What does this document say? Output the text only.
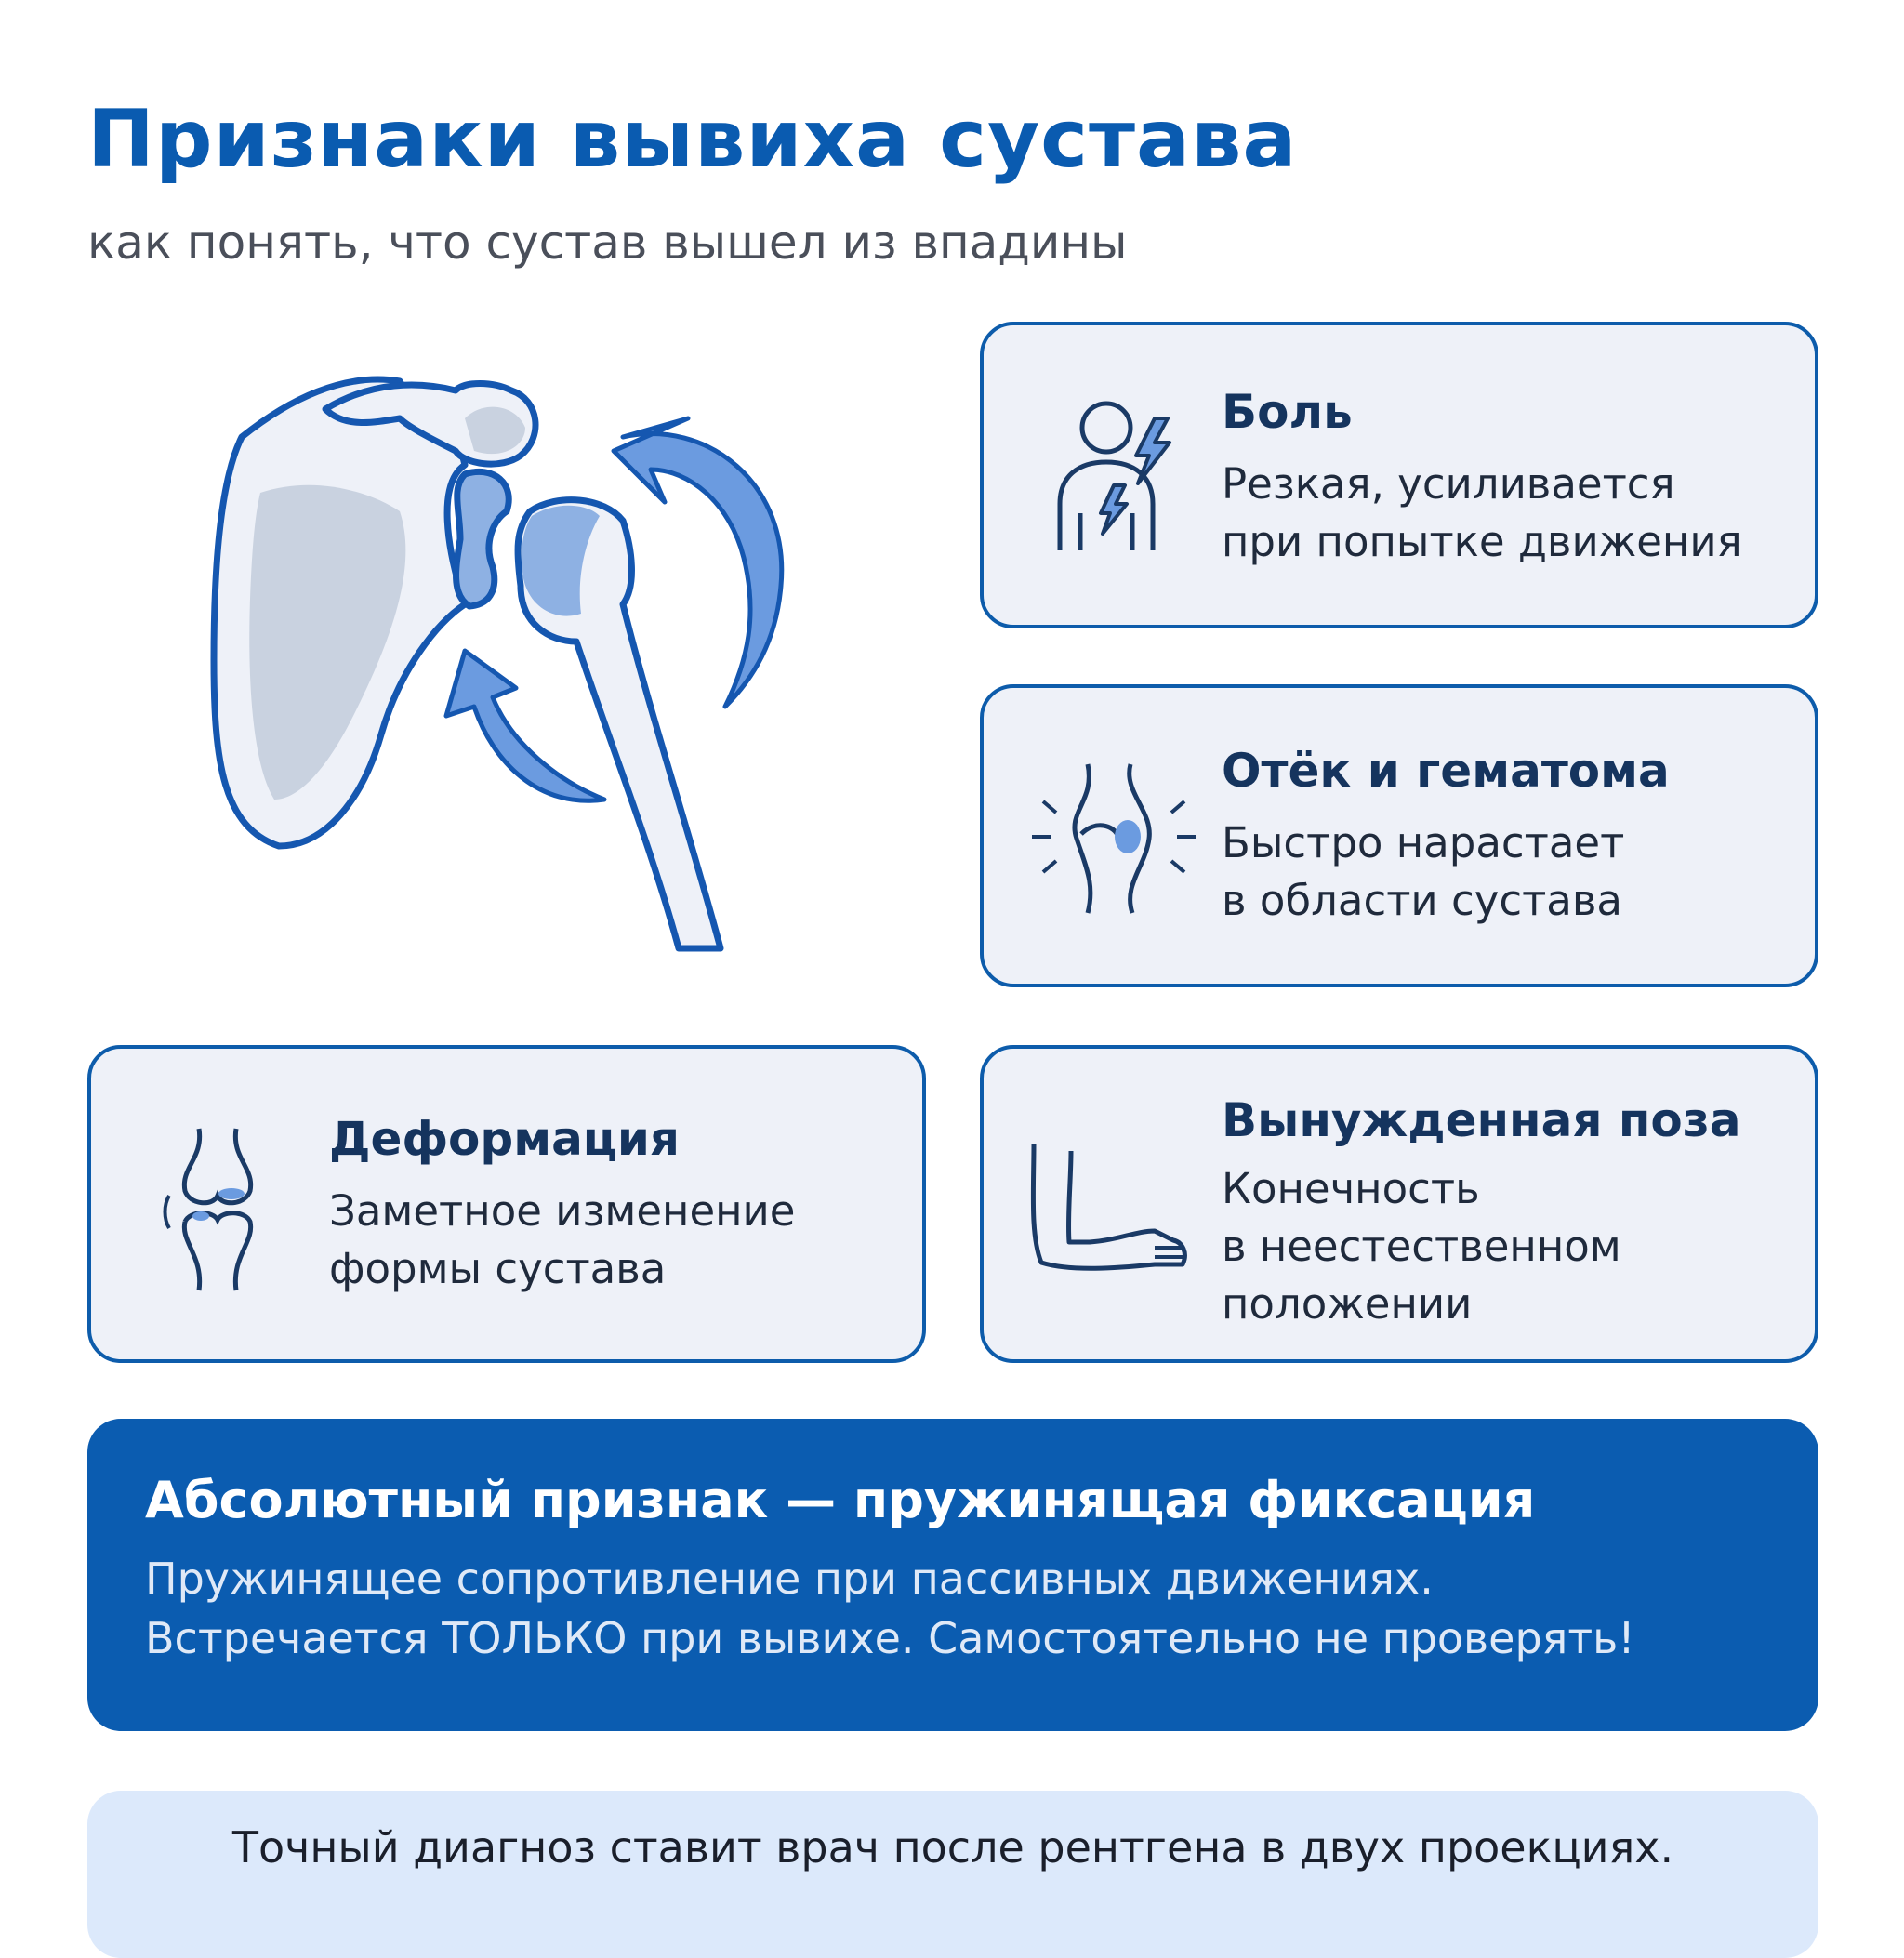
Признаки вывиха сустава
как понять, что сустав вышел из впадины
Боль
Резкая, усиливается
при попытке движения
Отёк и гематома
Быстро нарастает
в области сустава
Деформация
Заметное изменение
формы сустава
Вынужденная поза
Конечность
в неестественном
положении
Абсолютный признак — пружинящая фиксация
Пружинящее сопротивление при пассивных движениях.
Встречается ТОЛЬКО при вывихе. Самостоятельно не проверять!
Точный диагноз ставит врач после рентгена в двух проекциях.
